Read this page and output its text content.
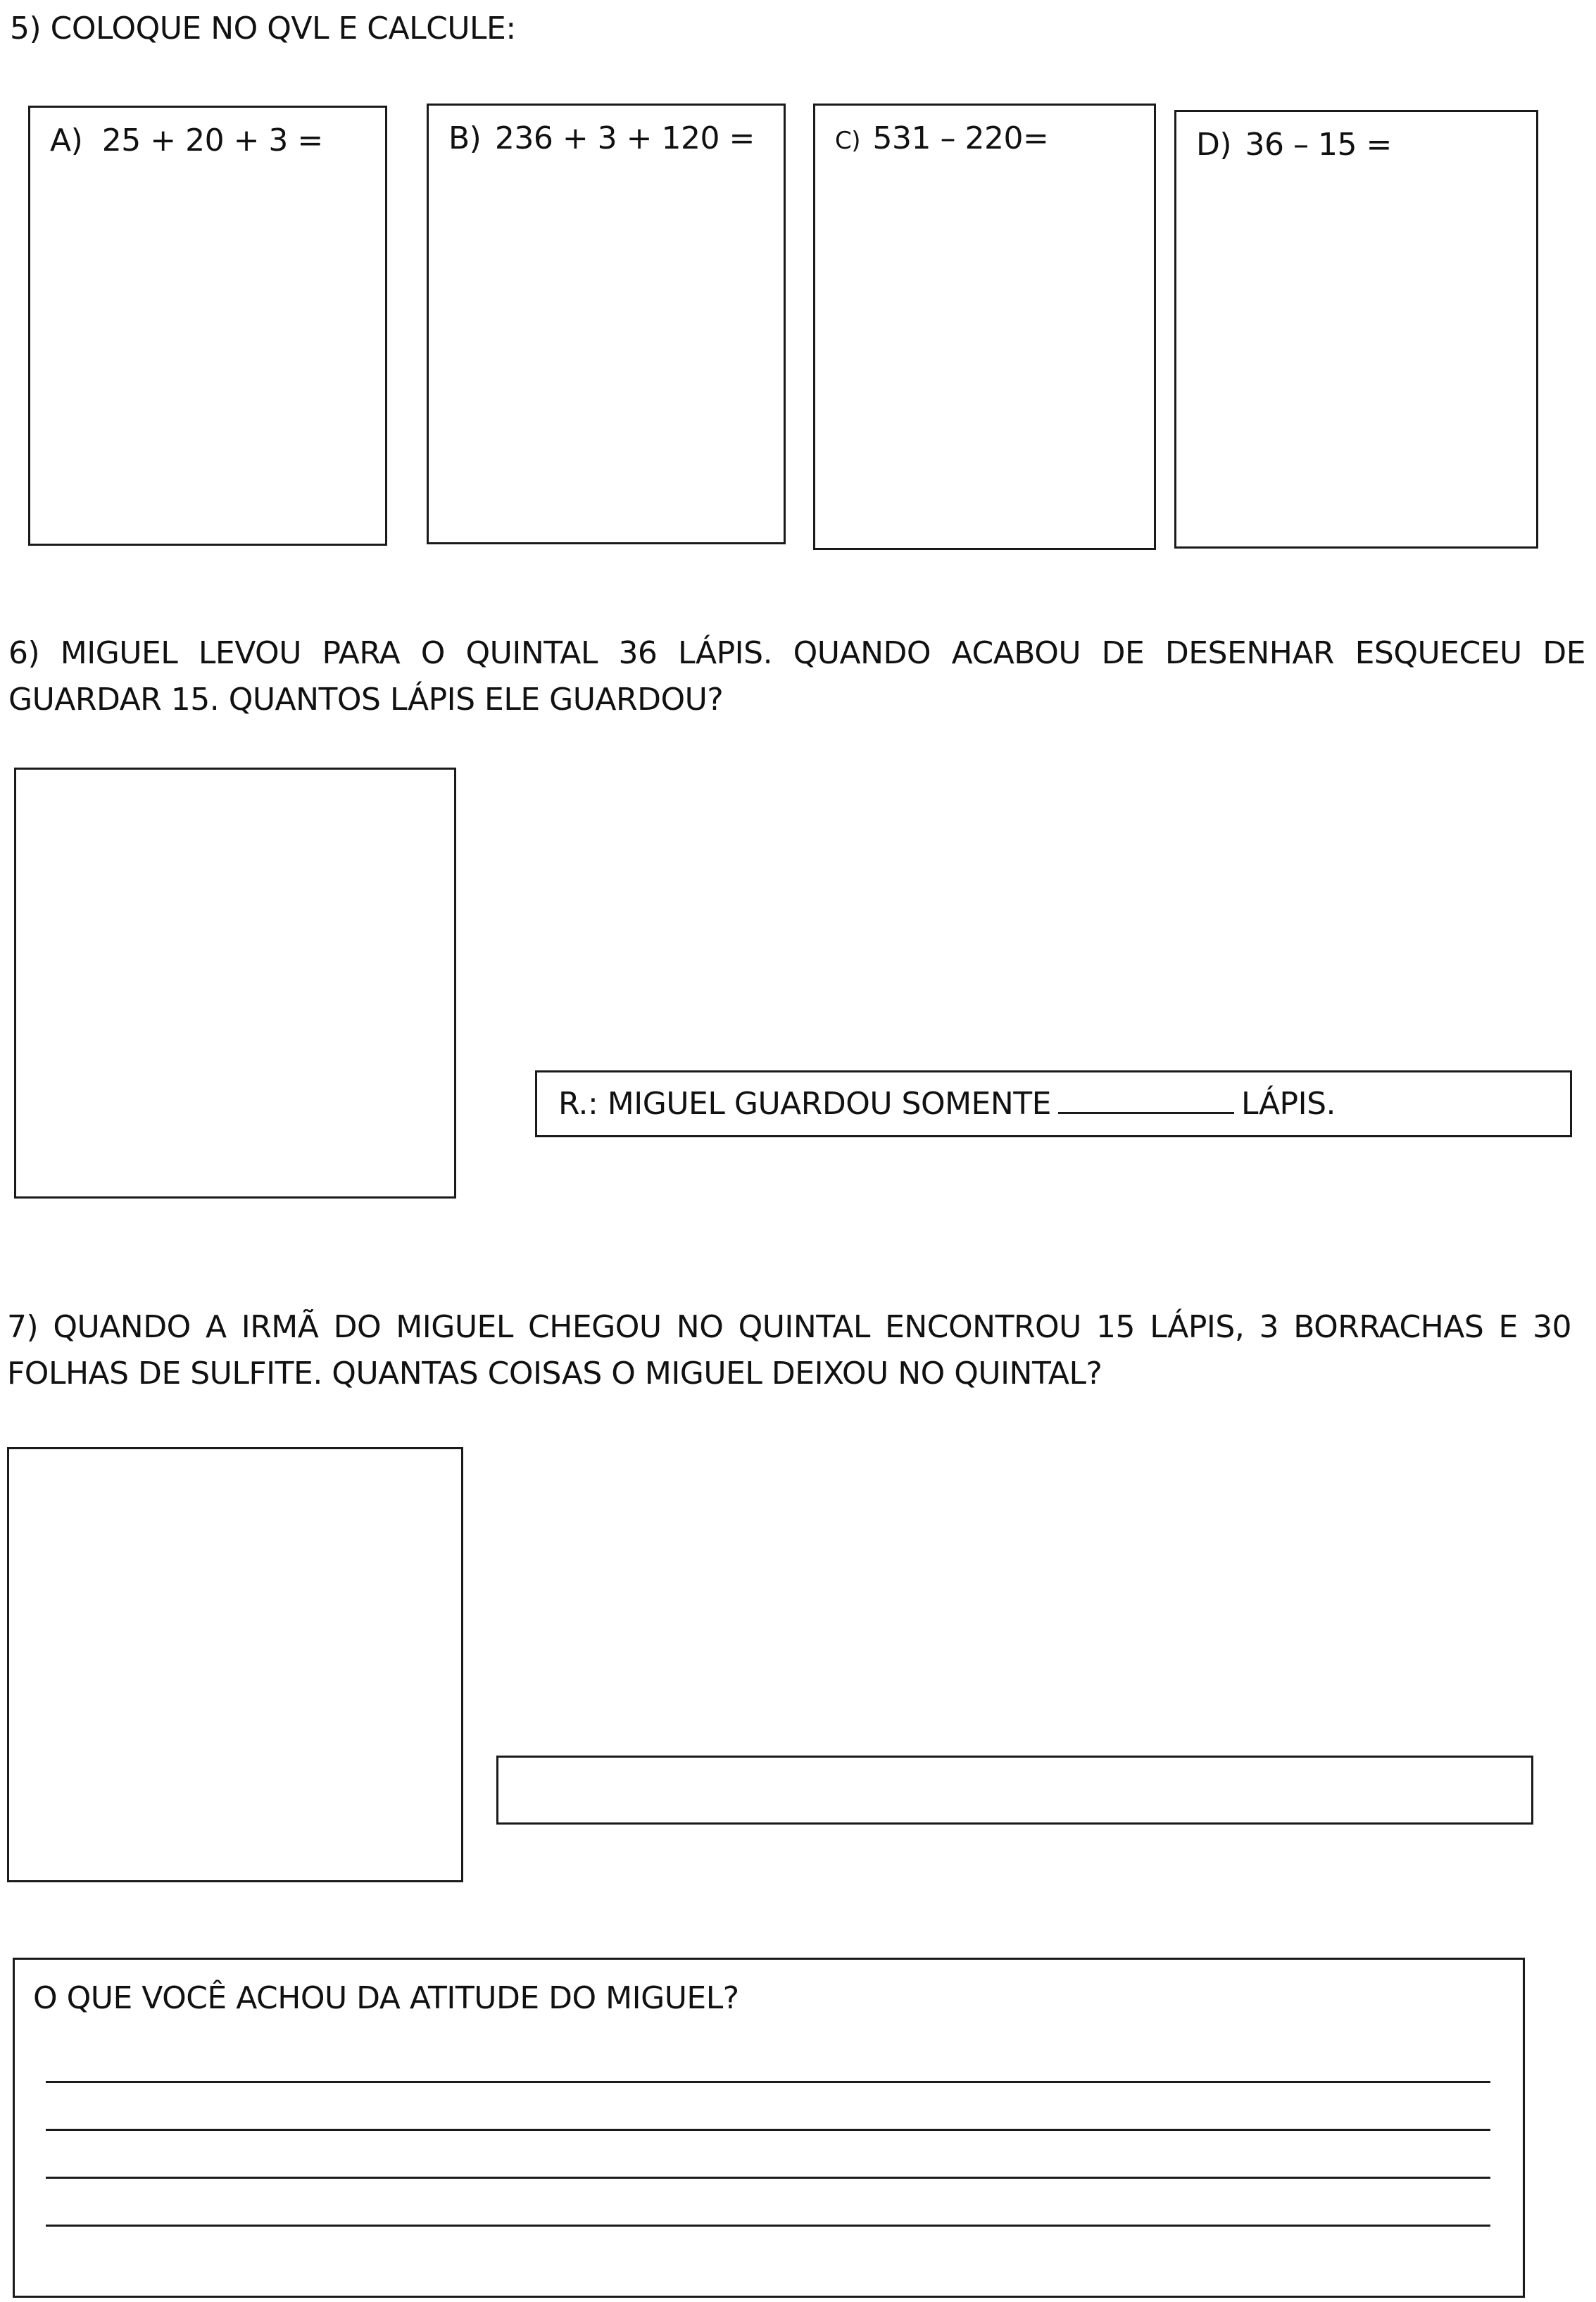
5) COLOQUE NO QVL E CALCULE:
A) 25 + 20 + 3 =	B) 236 + 3 + 120 =	C) 531 – 220=	D) 36 – 15 =
6) MIGUEL LEVOU PARA O QUINTAL 36 LÁPIS. QUANDO ACABOU DE DESENHAR ESQUECEU DE GUARDAR 15. QUANTOS LÁPIS ELE GUARDOU?
R.: MIGUEL GUARDOU SOMENTE	LÁPIS.
7) QUANDO A IRMÃ DO MIGUEL CHEGOU NO QUINTAL ENCONTROU 15 LÁPIS, 3 BORRACHAS E 30 FOLHAS DE SULFITE. QUANTAS COISAS O MIGUEL DEIXOU NO QUINTAL?
O QUE VOCÊ ACHOU DA ATITUDE DO MIGUEL?
